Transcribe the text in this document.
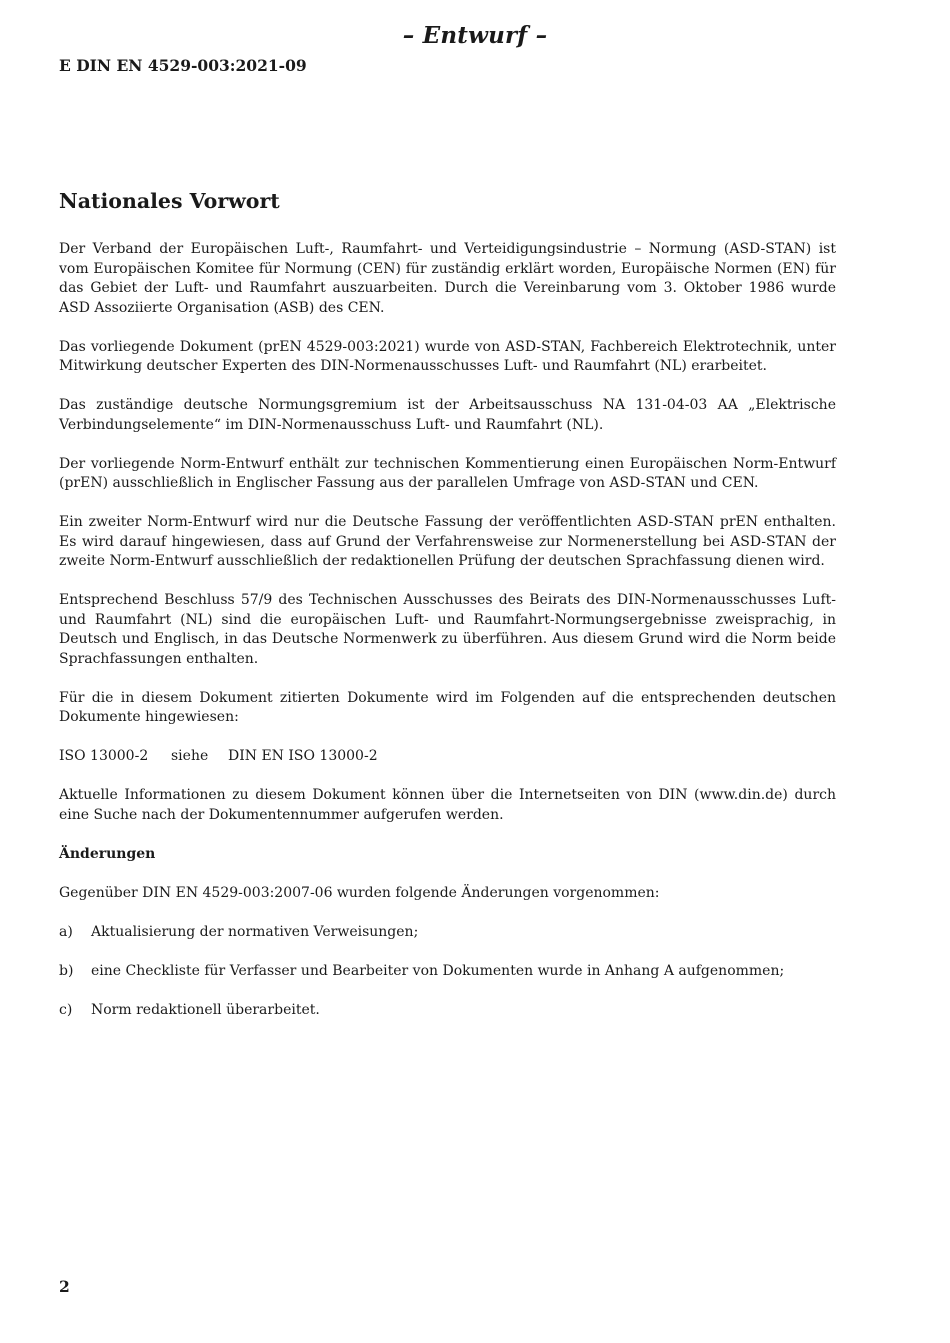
– Entwurf –
E DIN EN 4529-003:2021-09
Nationales Vorwort

Der Verband der Europäischen Luft-, Raumfahrt- und Verteidigungsindustrie – Normung (ASD-STAN) ist vom Europäischen Komitee für Normung (CEN) für zuständig erklärt worden, Europäische Normen (EN) für das Gebiet der Luft- und Raumfahrt auszuarbeiten. Durch die Vereinbarung vom 3. Oktober 1986 wurde ASD Assoziierte Organisation (ASB) des CEN.

Das vorliegende Dokument (prEN 4529-003:2021) wurde von ASD-STAN, Fachbereich Elektrotechnik, unter Mitwirkung deutscher Experten des DIN-Normenausschusses Luft- und Raumfahrt (NL) erarbeitet.

Das zuständige deutsche Normungsgremium ist der Arbeitsausschuss NA 131-04-03 AA „Elektrische Verbindungselemente“ im DIN-Normenausschuss Luft- und Raumfahrt (NL).

Der vorliegende Norm-Entwurf enthält zur technischen Kommentierung einen Europäischen Norm-Entwurf (prEN) ausschließlich in Englischer Fassung aus der parallelen Umfrage von ASD-STAN und CEN.

Ein zweiter Norm-Entwurf wird nur die Deutsche Fassung der veröffentlichten ASD-STAN prEN enthalten. Es wird darauf hingewiesen, dass auf Grund der Verfahrensweise zur Normenerstellung bei ASD-STAN der zweite Norm-Entwurf ausschließlich der redaktionellen Prüfung der deutschen Sprachfassung dienen wird.

Entsprechend Beschluss 57/9 des Technischen Ausschusses des Beirats des DIN-Normenausschusses Luft- und Raumfahrt (NL) sind die europäischen Luft- und Raumfahrt-Normungsergebnisse zweisprachig, in Deutsch und Englisch, in das Deutsche Normenwerk zu überführen. Aus diesem Grund wird die Norm beide Sprachfassungen enthalten.

Für die in diesem Dokument zitierten Dokumente wird im Folgenden auf die entsprechenden deutschen Dokumente hingewiesen:

ISO 13000-2	siehe	DIN EN ISO 13000-2

Aktuelle Informationen zu diesem Dokument können über die Internetseiten von DIN (www.din.de) durch eine Suche nach der Dokumentennummer aufgerufen werden.

Änderungen

Gegenüber DIN EN 4529-003:2007-06 wurden folgende Änderungen vorgenommen:

a)	Aktualisierung der normativen Verweisungen;
b)	eine Checkliste für Verfasser und Bearbeiter von Dokumenten wurde in Anhang A aufgenommen;
c)	Norm redaktionell überarbeitet.
2
